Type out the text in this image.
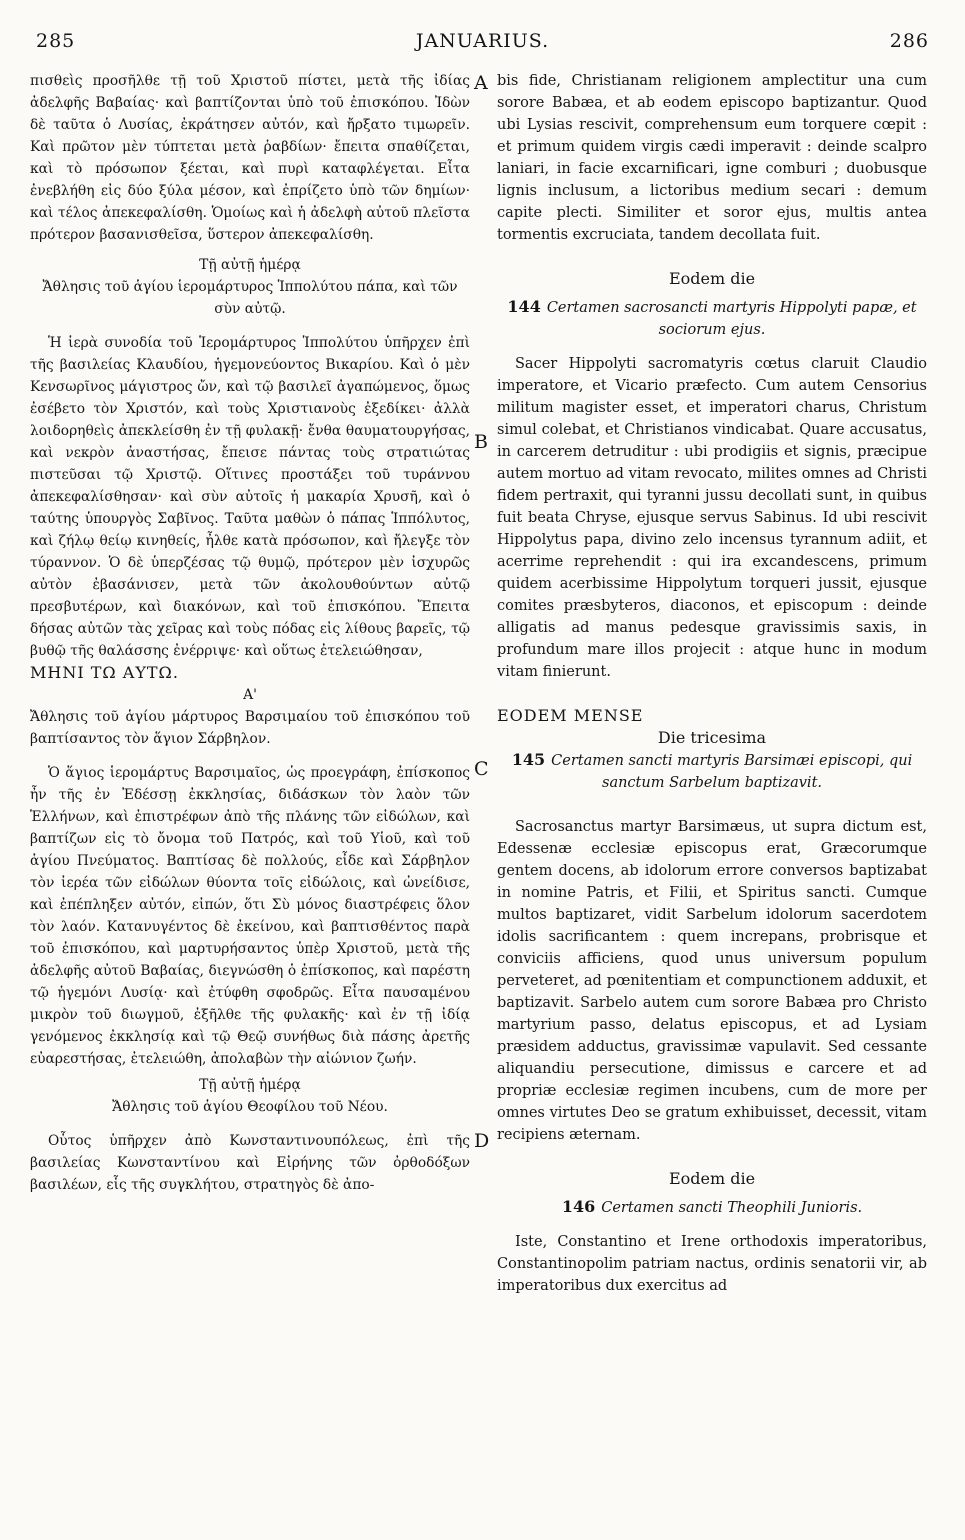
JANUARIUS.
285	286
A
B
C
D

πισθεὶς προσῆλθε τῇ τοῦ Χριστοῦ πίστει, μετὰ τῆς ἰδίας ἀδελφῆς Βαβαίας· καὶ βαπτίζονται ὑπὸ τοῦ ἐπισκόπου. Ἰδὼν δὲ ταῦτα ὁ Λυσίας, ἐκράτησεν αὐτόν, καὶ ἤρξατο τιμωρεῖν. Καὶ πρῶτον μὲν τύπτεται μετὰ ῥαβδίων· ἔπειτα σπαθίζεται, καὶ τὸ πρόσωπον ξέεται, καὶ πυρὶ καταφλέγεται. Εἶτα ἐνεβλήθη εἰς δύο ξύλα μέσον, καὶ ἐπρίζετο ὑπὸ τῶν δημίων· καὶ τέλος ἀπεκεφαλίσθη. Ὁμοίως καὶ ἡ ἀδελφὴ αὐτοῦ πλεῖστα πρότερον βασανισθεῖσα, ὕστερον ἀπεκεφαλίσθη.

Τῇ αὐτῇ ἡμέρᾳ

Ἄθλησις τοῦ ἁγίου ἱερομάρτυρος Ἱππολύτου πάπα, καὶ τῶν σὺν αὐτῷ.

Ἡ ἱερὰ συνοδία τοῦ Ἱερομάρτυρος Ἱππολύτου ὑπῆρχεν ἐπὶ τῆς βασιλείας Κλαυδίου, ἡγεμονεύοντος Βικαρίου. Καὶ ὁ μὲν Κενσωρῖνος μάγιστρος ὤν, καὶ τῷ βασιλεῖ ἀγαπώμενος, ὅμως ἐσέβετο τὸν Χριστόν, καὶ τοὺς Χριστιανοὺς ἐξεδίκει· ἀλλὰ λοιδορηθεὶς ἀπεκλείσθη ἐν τῇ φυλακῇ· ἔνθα θαυματουργήσας, καὶ νεκρὸν ἀναστήσας, ἔπεισε πάντας τοὺς στρατιώτας πιστεῦσαι τῷ Χριστῷ. Οἵτινες προστάξει τοῦ τυράννου ἀπεκεφαλίσθησαν· καὶ σὺν αὐτοῖς ἡ μακαρία Χρυσῆ, καὶ ὁ ταύτης ὑπουργὸς Σαβῖνος. Ταῦτα μαθὼν ὁ πάπας Ἱππόλυτος, καὶ ζήλῳ θείῳ κινηθείς, ἦλθε κατὰ πρόσωπον, καὶ ἤλεγξε τὸν τύραννον. Ὁ δὲ ὑπερζέσας τῷ θυμῷ, πρότερον μὲν ἰσχυρῶς αὐτὸν ἐβασάνισεν, μετὰ τῶν ἀκολουθούντων αὐτῷ πρεσβυτέρων, καὶ διακόνων, καὶ τοῦ ἐπισκόπου. Ἔπειτα δήσας αὐτῶν τὰς χεῖρας καὶ τοὺς πόδας εἰς λίθους βαρεῖς, τῷ βυθῷ τῆς θαλάσσης ἐνέρριψε· καὶ οὕτως ἐτελειώθησαν,

ΜΗΝΙ ΤΩ ΑΥΤΩ.

Α'

Ἄθλησις τοῦ ἁγίου μάρτυρος Βαρσιμαίου τοῦ ἐπισκόπου τοῦ βαπτίσαντος τὸν ἅγιον Σάρβηλον.

Ὁ ἅγιος ἱερομάρτυς Βαρσιμαῖος, ὡς προεγράφη, ἐπίσκοπος ἦν τῆς ἐν Ἐδέσσῃ ἐκκλησίας, διδάσκων τὸν λαὸν τῶν Ἑλλήνων, καὶ ἐπιστρέφων ἀπὸ τῆς πλάνης τῶν εἰδώλων, καὶ βαπτίζων εἰς τὸ ὄνομα τοῦ Πατρός, καὶ τοῦ Υἱοῦ, καὶ τοῦ ἁγίου Πνεύματος. Βαπτίσας δὲ πολλούς, εἶδε καὶ Σάρβηλον τὸν ἱερέα τῶν εἰδώλων θύοντα τοῖς εἰδώλοις, καὶ ὠνείδισε, καὶ ἐπέπληξεν αὐτόν, εἰπών, ὅτι Σὺ μόνος διαστρέφεις ὅλον τὸν λαόν. Κατανυγέντος δὲ ἐκείνου, καὶ βαπτισθέντος παρὰ τοῦ ἐπισκόπου, καὶ μαρτυρήσαντος ὑπὲρ Χριστοῦ, μετὰ τῆς ἀδελφῆς αὐτοῦ Βαβαίας, διεγνώσθη ὁ ἐπίσκοπος, καὶ παρέστη τῷ ἡγεμόνι Λυσίᾳ· καὶ ἐτύφθη σφοδρῶς. Εἶτα παυσαμένου μικρὸν τοῦ διωγμοῦ, ἐξῆλθε τῆς φυλακῆς· καὶ ἐν τῇ ἰδίᾳ γενόμενος ἐκκλησίᾳ καὶ τῷ Θεῷ συνήθως διὰ πάσης ἀρετῆς εὐαρεστήσας, ἐτελειώθη, ἀπολαβὼν τὴν αἰώνιον ζωήν.

Τῇ αὐτῇ ἡμέρᾳ

Ἄθλησις τοῦ ἁγίου Θεοφίλου τοῦ Νέου.

Οὗτος ὑπῆρχεν ἀπὸ Κωνσταντινουπόλεως, ἐπὶ τῆς βασιλείας Κωνσταντίνου καὶ Εἰρήνης τῶν ὀρθοδόξων βασιλέων, εἷς τῆς συγκλήτου, στρατηγὸς δὲ ἀπο-

bis fide, Christianam religionem amplectitur una cum sorore Babæa, et ab eodem episcopo baptizantur. Quod ubi Lysias rescivit, comprehensum eum torquere cœpit : et primum quidem virgis cædi imperavit : deinde scalpro laniari, in facie excarnificari, igne comburi ; duobusque lignis inclusum, a lictoribus medium secari : demum capite plecti. Similiter et soror ejus, multis antea tormentis excruciata, tandem decollata fuit.

Eodem die

144 Certamen sacrosancti martyris Hippolyti papæ, et sociorum ejus.

Sacer Hippolyti sacromatyris cœtus claruit Claudio imperatore, et Vicario præfecto. Cum autem Censorius militum magister esset, et imperatori charus, Christum simul colebat, et Christianos vindicabat. Quare accusatus, in carcerem detruditur : ubi prodigiis et signis, præcipue autem mortuo ad vitam revocato, milites omnes ad Christi fidem pertraxit, qui tyranni jussu decollati sunt, in quibus fuit beata Chryse, ejusque servus Sabinus. Id ubi rescivit Hippolytus papa, divino zelo incensus tyrannum adiit, et acerrime reprehendit : qui ira excandescens, primum quidem acerbissime Hippolytum torqueri jussit, ejusque comites præsbyteros, diaconos, et episcopum : deinde alligatis ad manus pedesque gravissimis saxis, in profundum mare illos projecit : atque hunc in modum vitam finierunt.

EODEM MENSE

Die tricesima

145 Certamen sancti martyris Barsimæi episcopi, qui sanctum Sarbelum baptizavit.

Sacrosanctus martyr Barsimæus, ut supra dictum est, Edessenæ ecclesiæ episcopus erat, Græcorumque gentem docens, ab idolorum errore conversos baptizabat in nomine Patris, et Filii, et Spiritus sancti. Cumque multos baptizaret, vidit Sarbelum idolorum sacerdotem idolis sacrificantem : quem increpans, probrisque et conviciis afficiens, quod unus universum populum perveteret, ad pœnitentiam et compunctionem adduxit, et baptizavit. Sarbelo autem cum sorore Babæa pro Christo martyrium passo, delatus episcopus, et ad Lysiam præsidem adductus, gravissimæ vapulavit. Sed cessante aliquandiu persecutione, dimissus e carcere et ad propriæ ecclesiæ regimen incubens, cum de more per omnes virtutes Deo se gratum exhibuisset, decessit, vitam recipiens æternam.

Eodem die

146 Certamen sancti Theophili Junioris.

Iste, Constantino et Irene orthodoxis imperatoribus, Constantinopolim patriam nactus, ordinis senatorii vir, ab imperatoribus dux exercitus ad
